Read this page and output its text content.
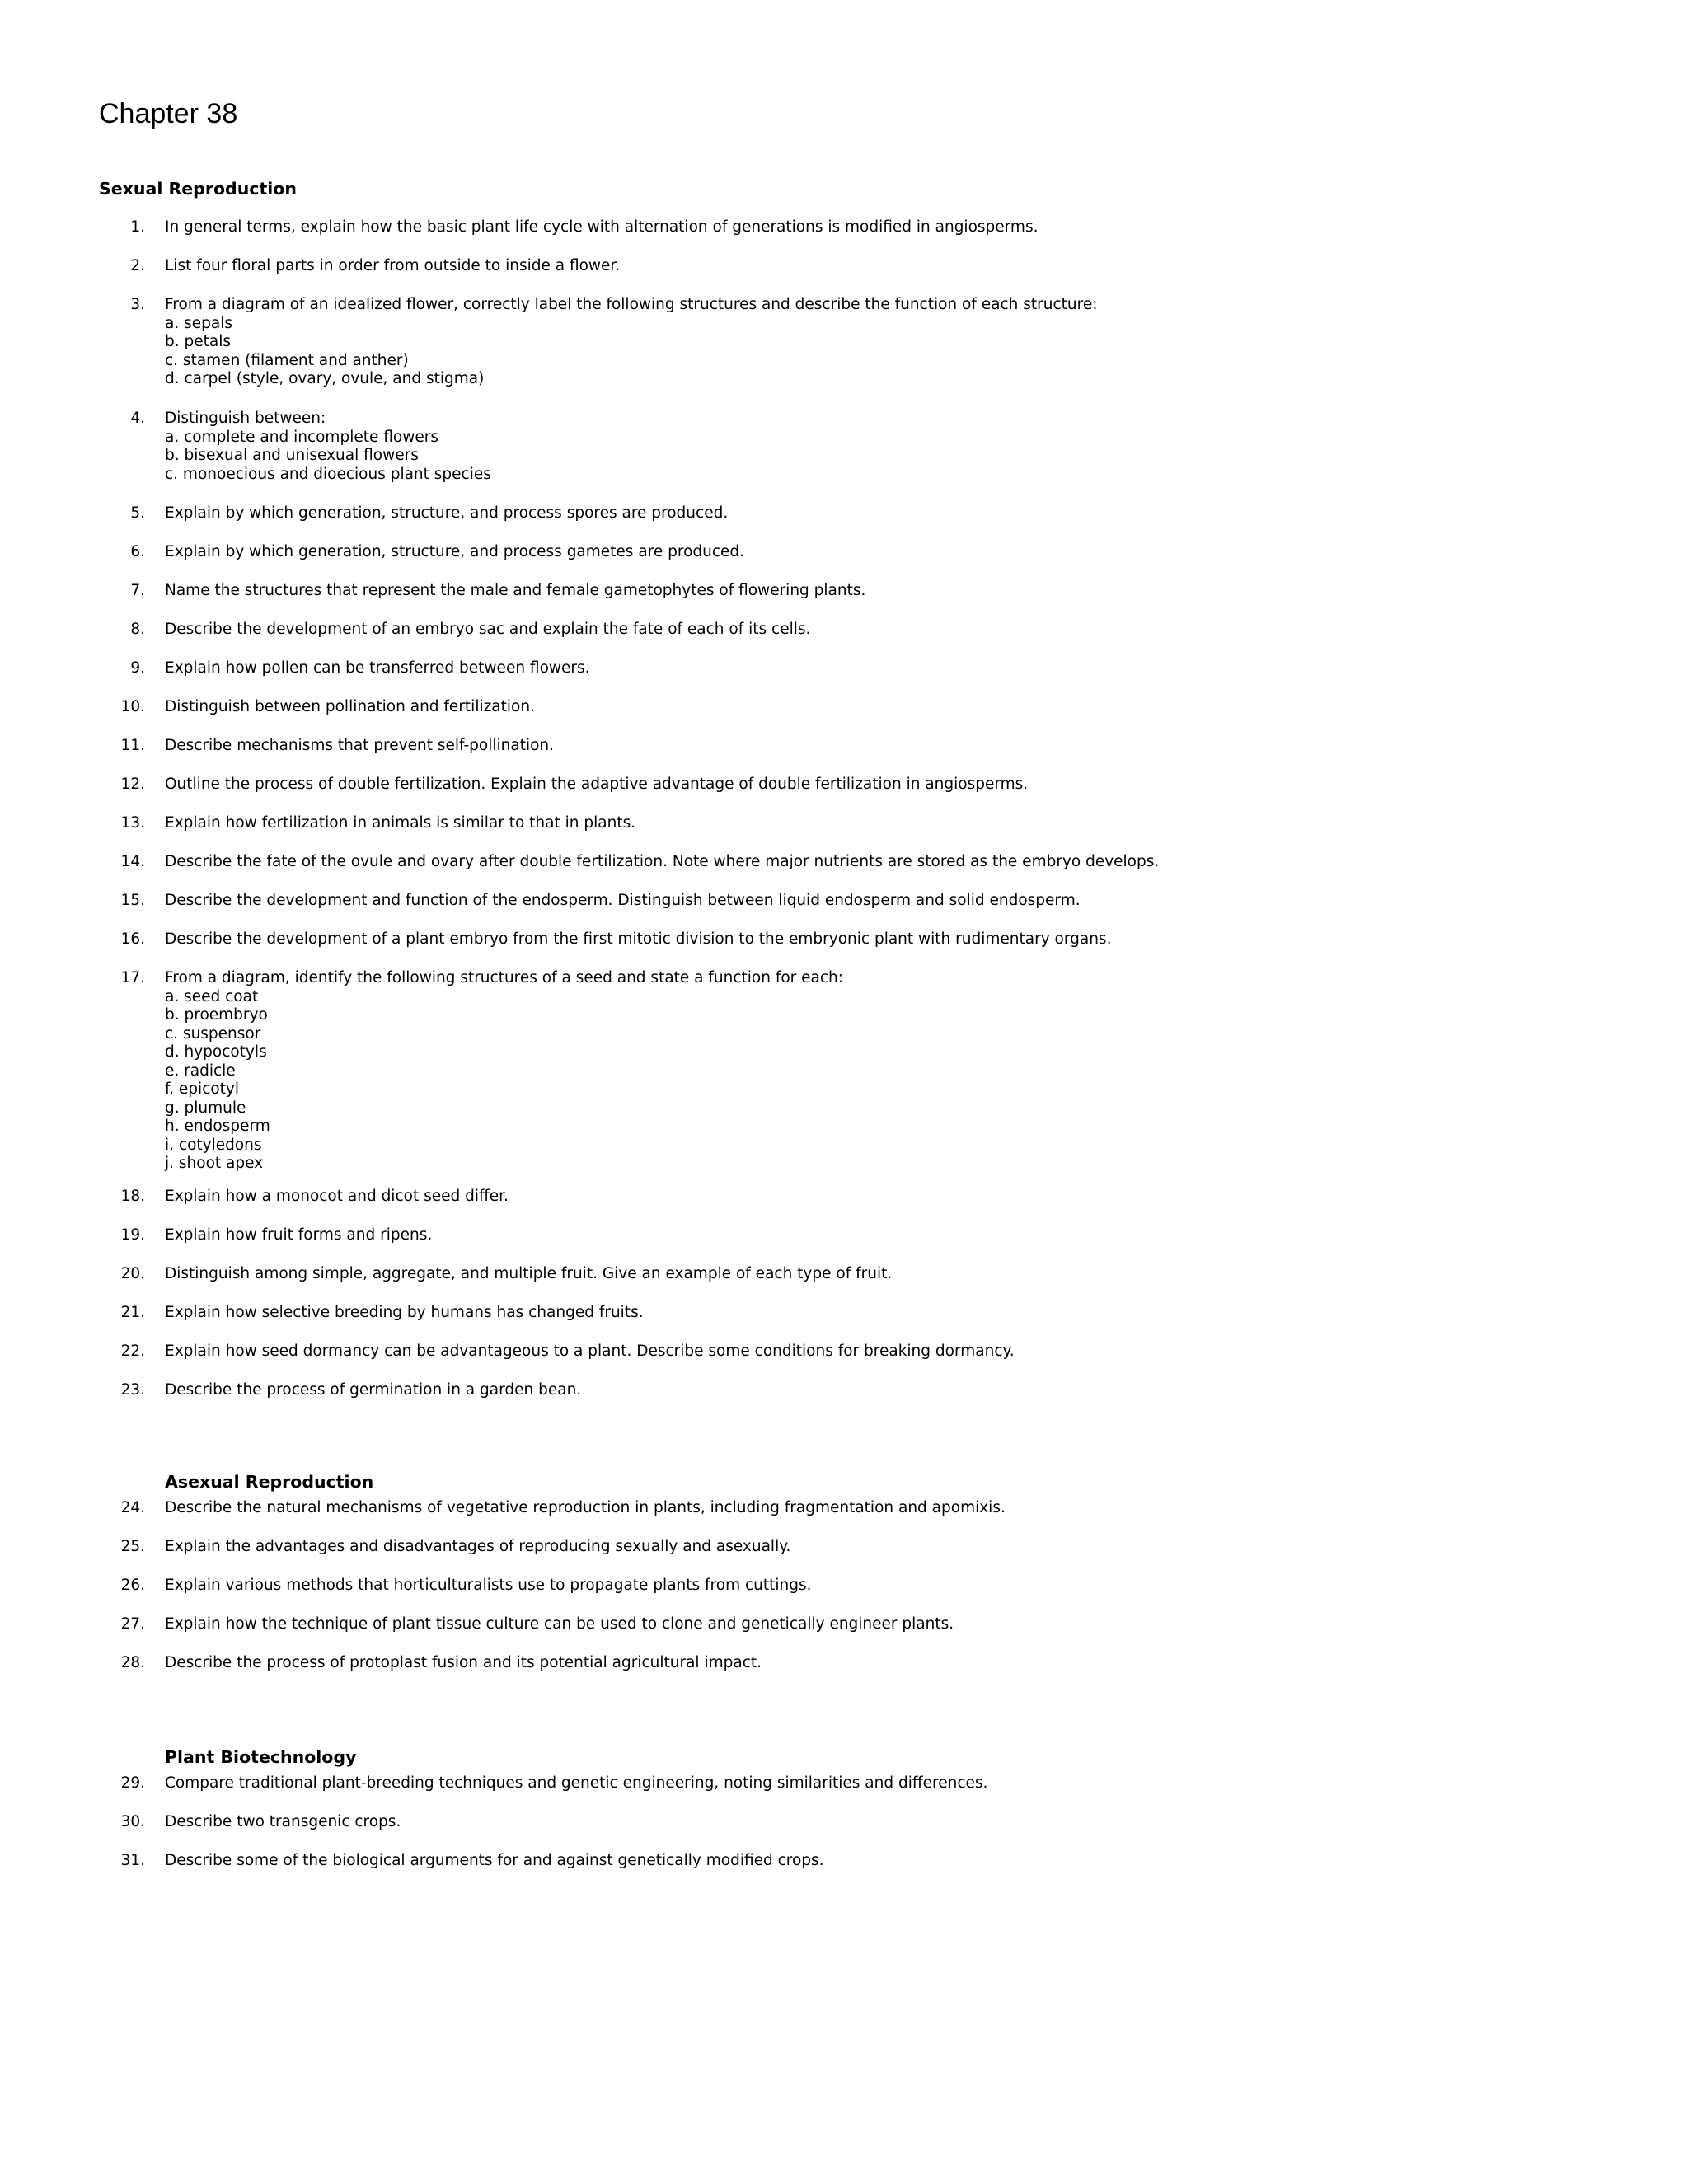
Chapter 38
Sexual Reproduction
1. In general terms, explain how the basic plant life cycle with alternation of generations is modified in angiosperms.
2. List four floral parts in order from outside to inside a flower.
3. From a diagram of an idealized flower, correctly label the following structures and describe the function of each structure:
a. sepals
b. petals
c. stamen (filament and anther)
d. carpel (style, ovary, ovule, and stigma)
4. Distinguish between:
a. complete and incomplete flowers
b. bisexual and unisexual flowers
c. monoecious and dioecious plant species
5. Explain by which generation, structure, and process spores are produced.
6. Explain by which generation, structure, and process gametes are produced.
7. Name the structures that represent the male and female gametophytes of flowering plants.
8. Describe the development of an embryo sac and explain the fate of each of its cells.
9. Explain how pollen can be transferred between flowers.
10. Distinguish between pollination and fertilization.
11. Describe mechanisms that prevent self-pollination.
12. Outline the process of double fertilization. Explain the adaptive advantage of double fertilization in angiosperms.
13. Explain how fertilization in animals is similar to that in plants.
14. Describe the fate of the ovule and ovary after double fertilization. Note where major nutrients are stored as the embryo develops.
15. Describe the development and function of the endosperm. Distinguish between liquid endosperm and solid endosperm.
16. Describe the development of a plant embryo from the first mitotic division to the embryonic plant with rudimentary organs.
17. From a diagram, identify the following structures of a seed and state a function for each:
a. seed coat
b. proembryo
c. suspensor
d. hypocotyls
e. radicle
f. epicotyl
g. plumule
h. endosperm
i. cotyledons
j. shoot apex
18. Explain how a monocot and dicot seed differ.
19. Explain how fruit forms and ripens.
20. Distinguish among simple, aggregate, and multiple fruit. Give an example of each type of fruit.
21. Explain how selective breeding by humans has changed fruits.
22. Explain how seed dormancy can be advantageous to a plant. Describe some conditions for breaking dormancy.
23. Describe the process of germination in a garden bean.
Asexual Reproduction
24. Describe the natural mechanisms of vegetative reproduction in plants, including fragmentation and apomixis.
25. Explain the advantages and disadvantages of reproducing sexually and asexually.
26. Explain various methods that horticulturalists use to propagate plants from cuttings.
27. Explain how the technique of plant tissue culture can be used to clone and genetically engineer plants.
28. Describe the process of protoplast fusion and its potential agricultural impact.
Plant Biotechnology
29. Compare traditional plant-breeding techniques and genetic engineering, noting similarities and differences.
30. Describe two transgenic crops.
31. Describe some of the biological arguments for and against genetically modified crops.
